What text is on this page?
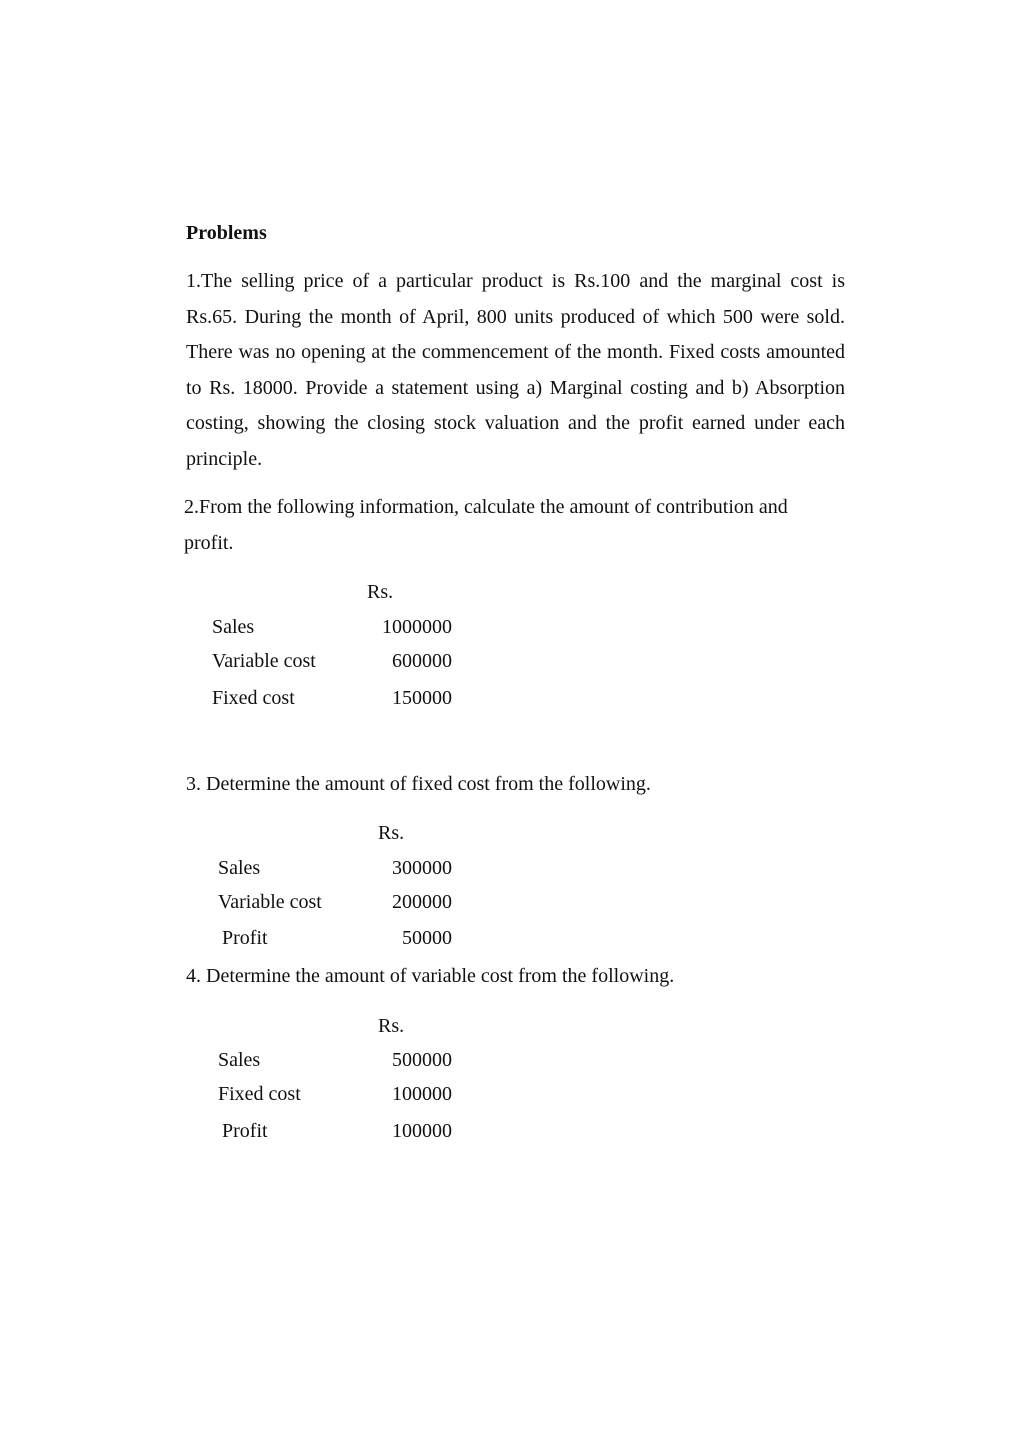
Problems

1.The selling price of a particular product is Rs.100 and the marginal cost is Rs.65. During the month of April, 800 units produced of which 500 were sold. There was no opening at the commencement of the month. Fixed costs amounted to Rs. 18000. Provide a statement using a) Marginal costing and b) Absorption costing, showing the closing stock valuation and the profit earned under each principle.

2.From the following information, calculate the amount of contribution and profit.

Rs.
Sales	1000000
Variable cost	600000
Fixed cost	150000

3. Determine the amount of fixed cost from the following.

Rs.
Sales	300000
Variable cost	200000
Profit	50000

4. Determine the amount of variable cost from the following.

Rs.
Sales	500000
Fixed cost	100000
Profit	100000
